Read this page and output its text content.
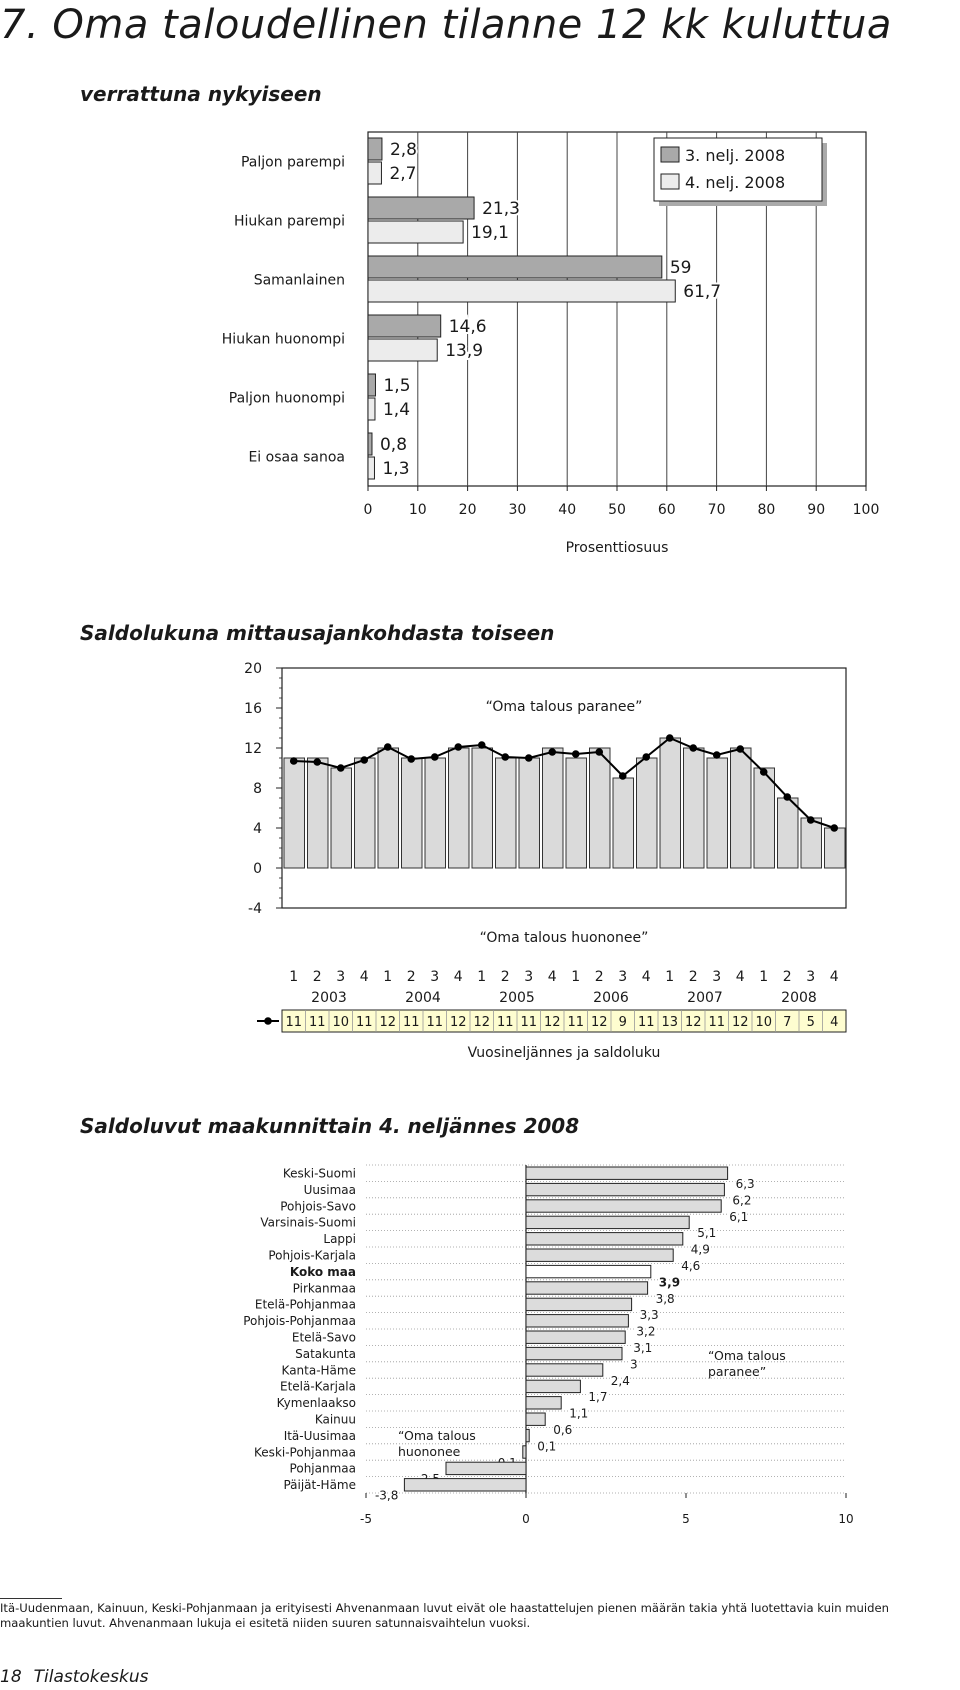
7. Oma taloudellinen tilanne 12 kk kuluttua
verrattuna nykyiseen
0	10 20 30 40 50 60 70 80 90 100
Prosenttiosuus
Paljon parempi
2,8
2,7
Hiukan parempi
21,3
19,1
Samanlainen
59
61,7
Hiukan huonompi
14,6
13,9
Paljon huonompi
1,5
1,4
Ei osaa sanoa
0,8
1,3
3. nelj. 2008
4. nelj. 2008
Saldolukuna mittausajankohdasta toiseen
20
16
12
8
4
0
-4
“Oma talous paranee”
“Oma talous huononee”
1 2 3 4 1 2 3 4 1 2 3 4 1 2 3 4 1 2 3 4 1 2 3 4
2003	2004	2005	2006	2007	2008
11 11 10 11 12 11 11 12 12 11 11 12 11 12 9 11 13 12 11 12 10 7 5 4
Vuosineljännes ja saldoluku
Saldoluvut maakunnittain 4. neljännes 2008
Keski-Suomi
Uusimaa
Pohjois-Savo
Varsinais-Suomi
Lappi
Pohjois-Karjala
Koko maa
Pirkanmaa
Etelä-Pohjanmaa
Pohjois-Pohjanmaa
Etelä-Savo
Satakunta
Kanta-Häme
Etelä-Karjala
Kymenlaakso
Kainuu
Itä-Uusimaa
Keski-Pohjanmaa
Pohjanmaa
Päijät-Häme
6,3
6,2
6,1
5,1
4,9
4,6
3,9
3,8
3,3
3,2
3,1
3
2,4
1,7
1,1
0,6
0,1
-3,8
-5	0	5	10
“Oma talous
paranee”
“Oma talous
huononee
Itä-Uudenmaan, Kainuun, Keski-Pohjanmaan ja erityisesti Ahvenanmaan luvut eivät ole haastattelujen pienen määrän takia yhtä luotettavia kuin muiden maakuntien luvut. Ahvenanmaan lukuja ei esitetä niiden suuren satunnaisvaihtelun vuoksi.
18 Tilastokeskus
